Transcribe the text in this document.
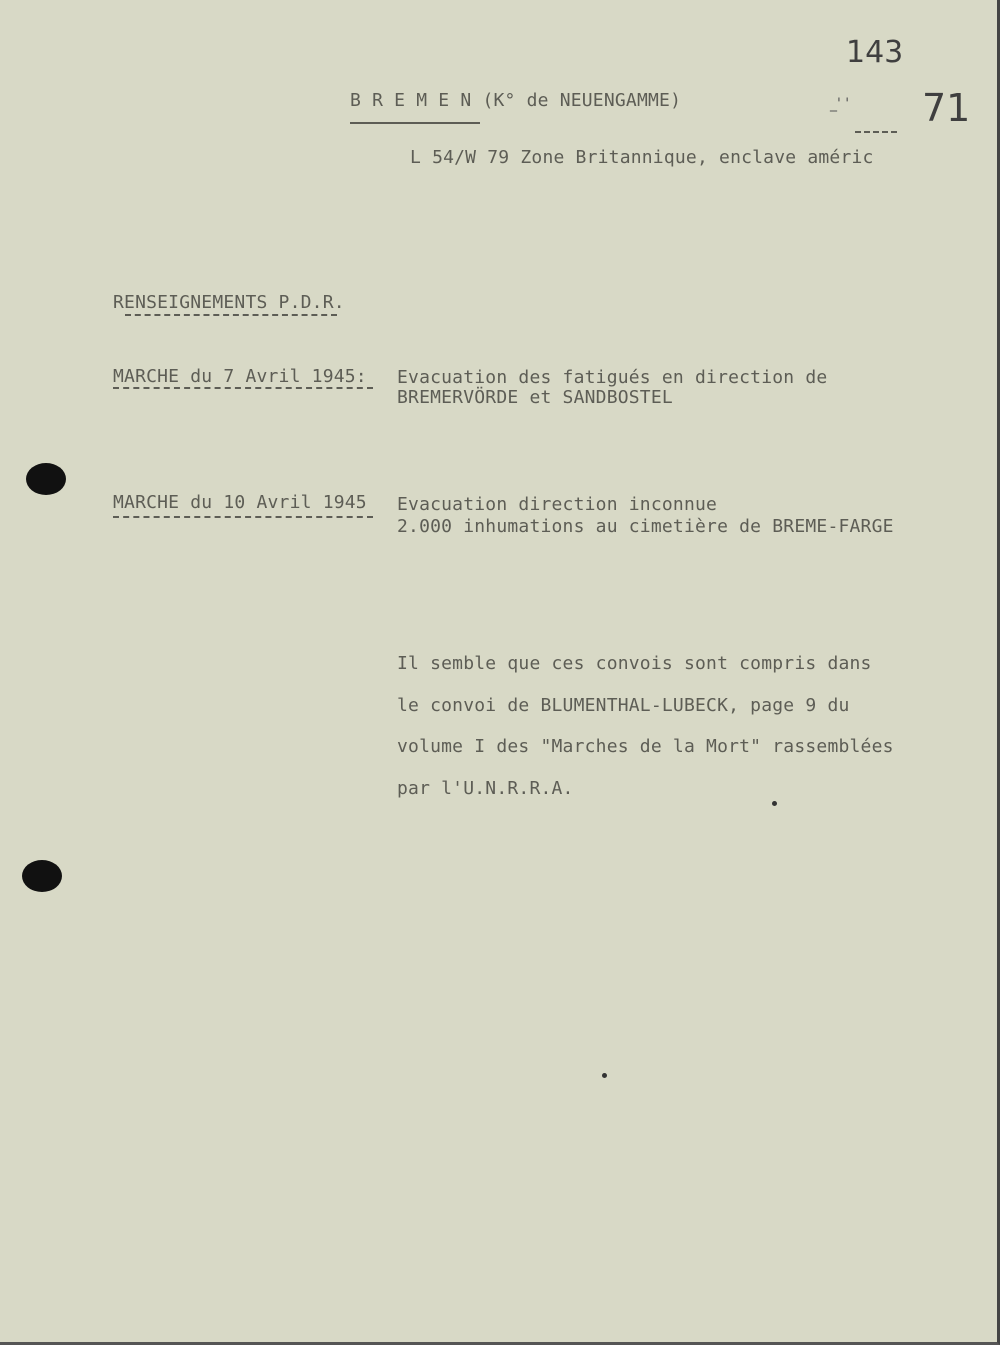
143
71
_' '
B R E M E N (K° de NEUENGAMME)
L 54/W 79 Zone Britannique, enclave améric
RENSEIGNEMENTS P.D.R.
MARCHE du 7 Avril 1945: Evacuation des fatigués en direction de
BREMERVÖRDE et SANDBOSTEL
MARCHE du 10 Avril 1945 Evacuation direction inconnue
2.000 inhumations au cimetière de BREME-FARGE
Il semble que ces convois sont compris dans
le convoi de BLUMENTHAL-LUBECK, page 9 du
volume I des "Marches de la Mort" rassemblées
par l'U.N.R.R.A.
